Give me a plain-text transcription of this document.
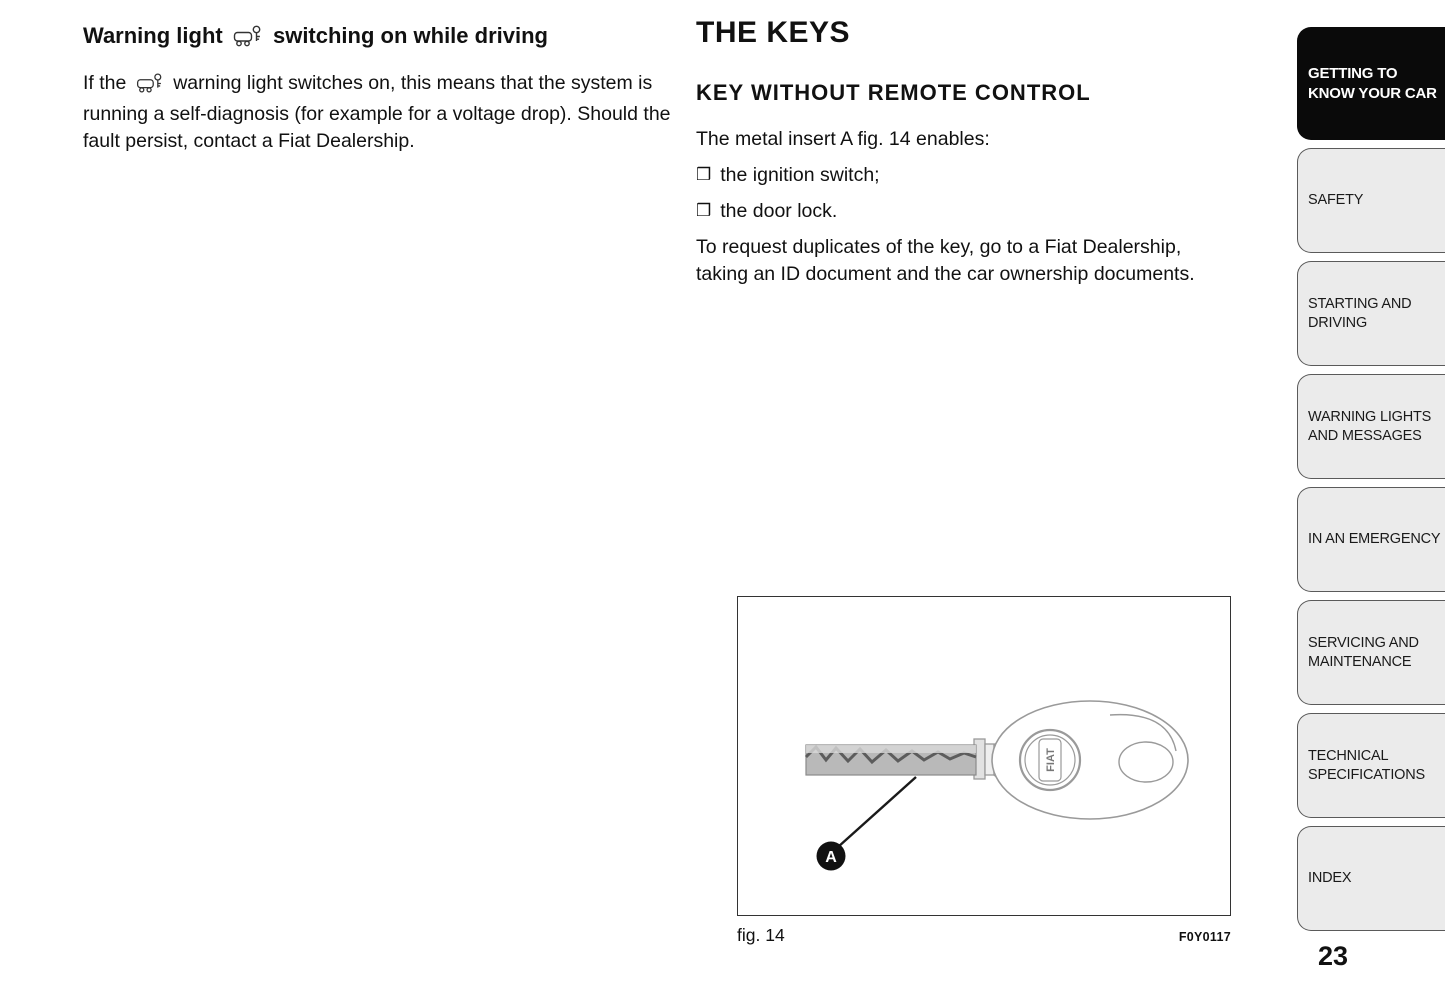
Warning light switching on while driving

If the warning light switches on, this means that the system is running a self-diagnosis (for example for a voltage drop). Should the fault persist, contact a Fiat Dealership.

THE KEYS
KEY WITHOUT REMOTE CONTROL

The metal insert A fig. 14 enables:

❒ the ignition switch;
❒ the door lock.

To request duplicates of the key, go to a Fiat Dealership, taking an ID document and the car ownership documents.

FIAT
A
fig. 14	F0Y0117
GETTING TO KNOW YOUR CAR
SAFETY
STARTING AND DRIVING
WARNING LIGHTS AND MESSAGES
IN AN EMERGENCY
SERVICING AND MAINTENANCE
TECHNICAL SPECIFICATIONS
INDEX
23
